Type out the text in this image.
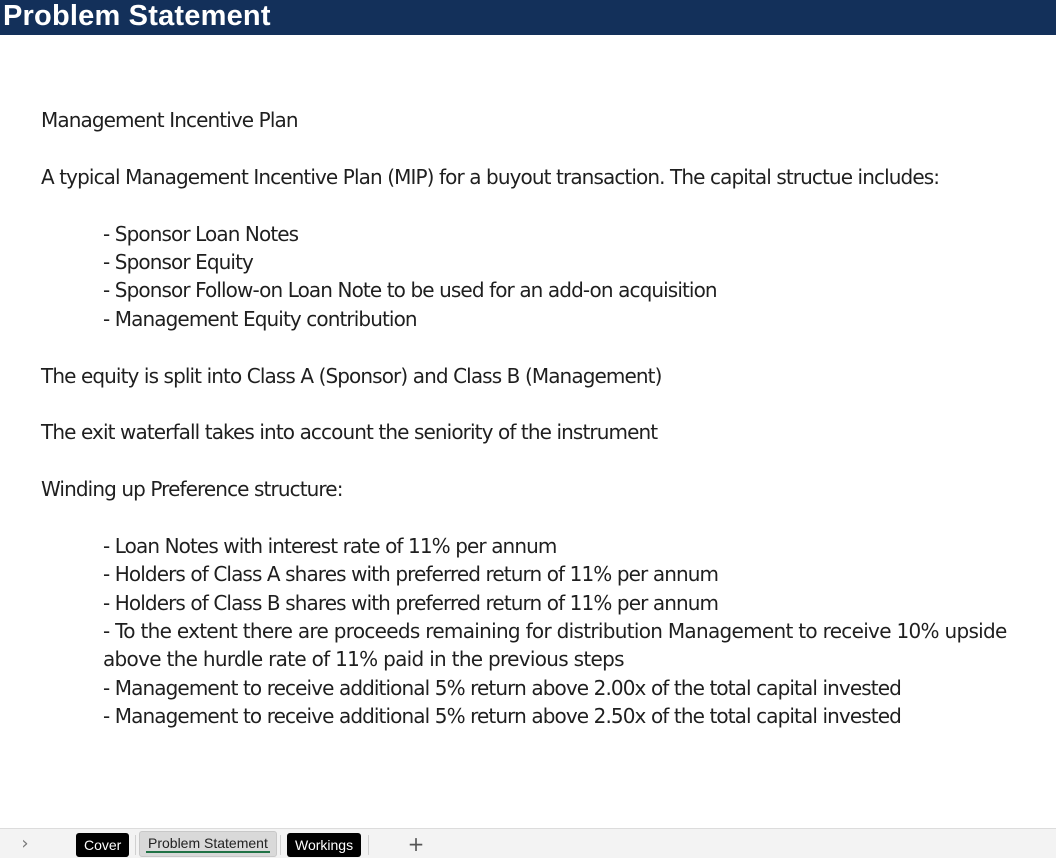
Problem Statement
Management Incentive Plan
A typical Management Incentive Plan (MIP) for a buyout transaction. The capital structue includes:
- Sponsor Loan Notes
- Sponsor Equity
- Sponsor Follow-on Loan Note to be used for an add-on acquisition
- Management Equity contribution
The equity is split into Class A (Sponsor) and Class B (Management)
The exit waterfall takes into account the seniority of the instrument
Winding up Preference structure:
- Loan Notes with interest rate of 11% per annum
- Holders of Class A shares with preferred return of 11% per annum
- Holders of Class B shares with preferred return of 11% per annum
- To the extent there are proceeds remaining for distribution Management to receive 10% upside above the hurdle rate of 11% paid in the previous steps
- Management to receive additional 5% return above 2.00x of the total capital invested
- Management to receive additional 5% return above 2.50x of the total capital invested
›	Cover	Problem Statement	Workings	+
